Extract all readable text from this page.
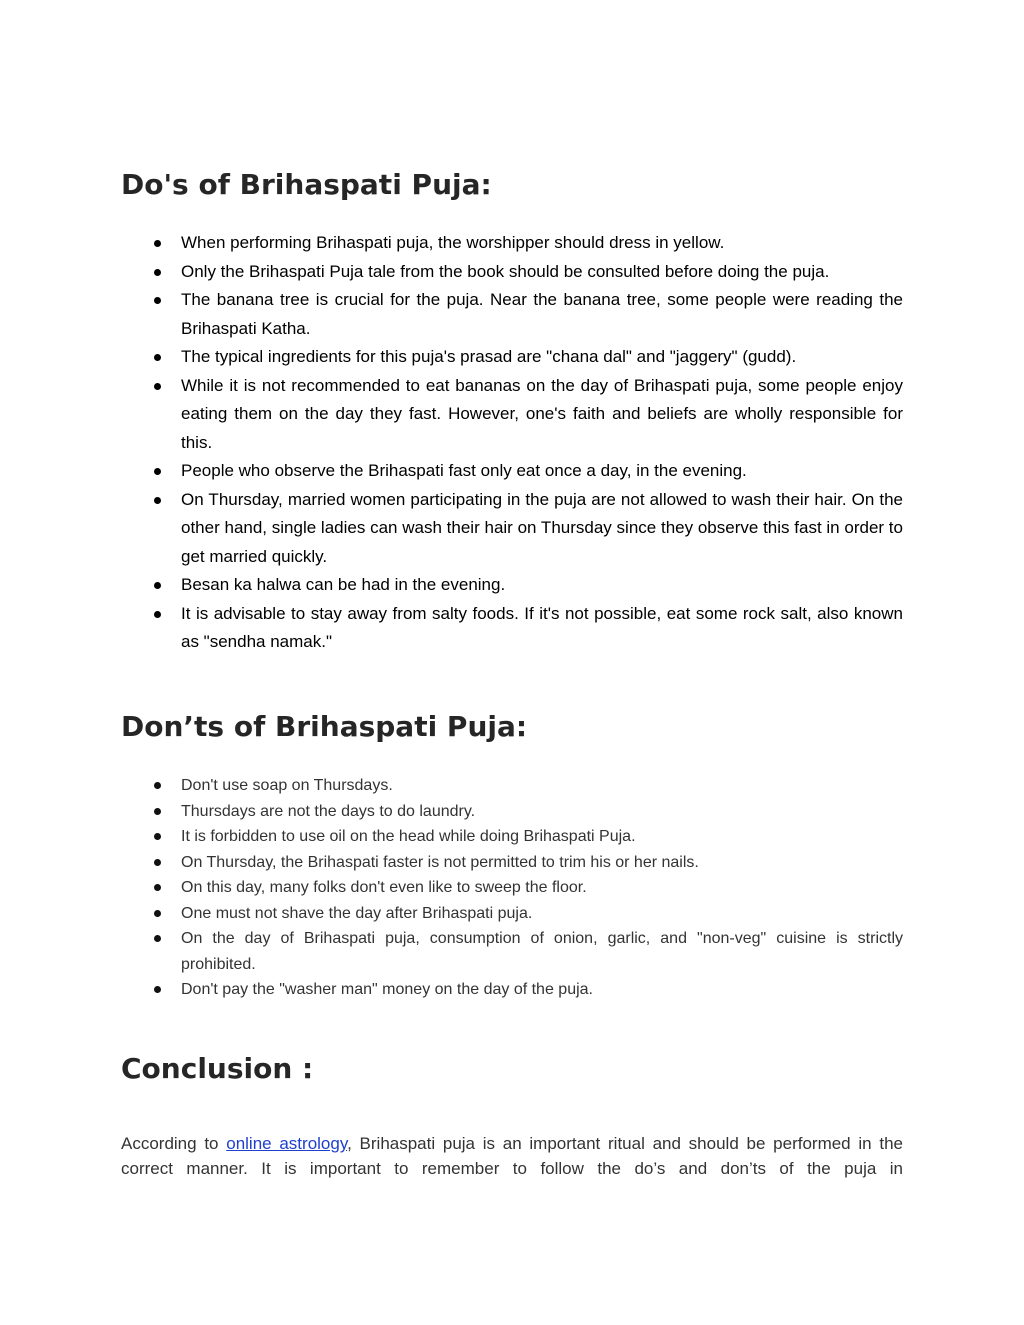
Do's of Brihaspati Puja:
When performing Brihaspati puja, the worshipper should dress in yellow.
Only the Brihaspati Puja tale from the book should be consulted before doing the puja.
The banana tree is crucial for the puja. Near the banana tree, some people were reading the Brihaspati Katha.
The typical ingredients for this puja's prasad are "chana dal" and "jaggery" (gudd).
While it is not recommended to eat bananas on the day of Brihaspati puja, some people enjoy eating them on the day they fast. However, one's faith and beliefs are wholly responsible for this.
People who observe the Brihaspati fast only eat once a day, in the evening.
On Thursday, married women participating in the puja are not allowed to wash their hair. On the other hand, single ladies can wash their hair on Thursday since they observe this fast in order to get married quickly.
Besan ka halwa can be had in the evening.
It is advisable to stay away from salty foods. If it's not possible, eat some rock salt, also known as "sendha namak."
Don’ts of Brihaspati Puja:
Don't use soap on Thursdays.
Thursdays are not the days to do laundry.
It is forbidden to use oil on the head while doing Brihaspati Puja.
On Thursday, the Brihaspati faster is not permitted to trim his or her nails.
On this day, many folks don't even like to sweep the floor.
One must not shave the day after Brihaspati puja.
On the day of Brihaspati puja, consumption of onion, garlic, and "non-veg" cuisine is strictly prohibited.
Don't pay the "washer man" money on the day of the puja.
Conclusion :

According to online astrology, Brihaspati puja is an important ritual and should be performed in the correct manner. It is important to remember to follow the do’s and don’ts of the puja in
